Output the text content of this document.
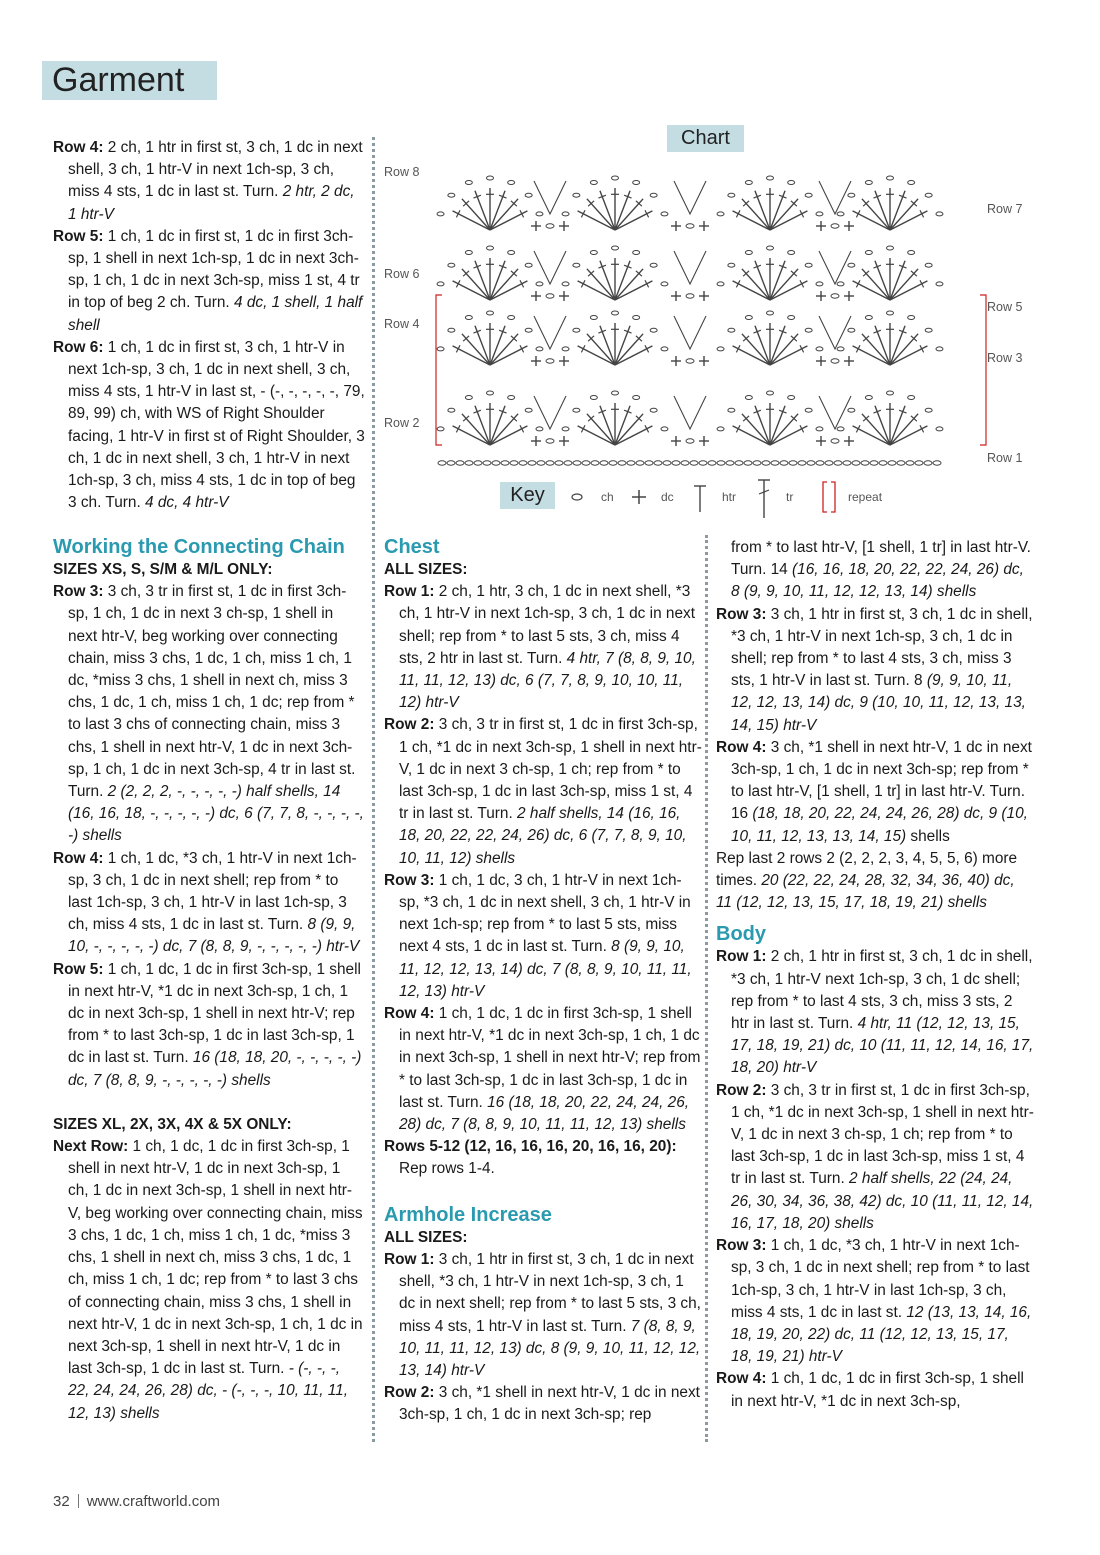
Garment

Row 4: 2 ch, 1 htr in first st, 3 ch, 1 dc in next shell, 3 ch, 1 htr-V in next 1ch-sp, 3 ch, miss 4 sts, 1 dc in last st. Turn. 2 htr, 2 dc, 1 htr-V

Row 5: 1 ch, 1 dc in first st, 1 dc in first 3ch-sp, 1 shell in next 1ch-sp, 1 dc in next 3ch-sp, 1 ch, 1 dc in next 3ch-sp, miss 1 st, 4 tr in top of beg 2 ch. Turn. 4 dc, 1 shell, 1 half shell

Row 6: 1 ch, 1 dc in first st, 3 ch, 1 htr-V in next 1ch-sp, 3 ch, 1 dc in next shell, 3 ch, miss 4 sts, 1 htr-V in last st, - (-, -, -, -, -, 79, 89, 99) ch, with WS of Right Shoulder facing, 1 htr-V in first st of Right Shoulder, 3 ch, 1 dc in next shell, 3 ch, 1 htr-V in next 1ch-sp, 3 ch, miss 4 sts, 1 dc in top of beg 3 ch. Turn. 4 dc, 4 htr-V

Working the Connecting Chain

SIZES XS, S, S/M & M/L ONLY:

Row 3: 3 ch, 3 tr in first st, 1 dc in first 3ch-sp, 1 ch, 1 dc in next 3 ch-sp, 1 shell in next htr-V, beg working over connecting chain, miss 3 chs, 1 dc, 1 ch, miss 1 ch, 1 dc, *miss 3 chs, 1 shell in next ch, miss 3 chs, 1 dc, 1 ch, miss 1 ch, 1 dc; rep from * to last 3 chs of connecting chain, miss 3 chs, 1 shell in next htr-V, 1 dc in next 3ch-sp, 1 ch, 1 dc in next 3ch-sp, 4 tr in last st. Turn. 2 (2, 2, 2, -, -, -, -, -) half shells, 14 (16, 16, 18, -, -, -, -, -) dc, 6 (7, 7, 8, -, -, -, -, -) shells

Row 4: 1 ch, 1 dc, *3 ch, 1 htr-V in next 1ch-sp, 3 ch, 1 dc in next shell; rep from * to last 1ch-sp, 3 ch, 1 htr-V in last 1ch-sp, 3 ch, miss 4 sts, 1 dc in last st. Turn. 8 (9, 9, 10, -, -, -, -, -) dc, 7 (8, 8, 9, -, -, -, -, -) htr-V

Row 5: 1 ch, 1 dc, 1 dc in first 3ch-sp, 1 shell in next htr-V, *1 dc in next 3ch-sp, 1 ch, 1 dc in next 3ch-sp, 1 shell in next htr-V; rep from * to last 3ch-sp, 1 dc in last 3ch-sp, 1 dc in last st. Turn. 16 (18, 18, 20, -, -, -, -, -) dc, 7 (8, 8, 9, -, -, -, -, -) shells

SIZES XL, 2X, 3X, 4X & 5X ONLY:

Next Row: 1 ch, 1 dc, 1 dc in first 3ch-sp, 1 shell in next htr-V, 1 dc in next 3ch-sp, 1 ch, 1 dc in next 3ch-sp, 1 shell in next htr-V, beg working over connecting chain, miss 3 chs, 1 dc, 1 ch, miss 1 ch, 1 dc, *miss 3 chs, 1 shell in next ch, miss 3 chs, 1 dc, 1 ch, miss 1 ch, 1 dc; rep from * to last 3 chs of connecting chain, miss 3 chs, 1 shell in next htr-V, 1 dc in next 3ch-sp, 1 ch, 1 dc in next 3ch-sp, 1 shell in next htr-V, 1 dc in last 3ch-sp, 1 dc in last st. Turn. - (-, -, -, 22, 24, 24, 26, 28) dc, - (-, -, -, 10, 11, 11, 12, 13) shells

Chest

ALL SIZES:

Row 1: 2 ch, 1 htr, 3 ch, 1 dc in next shell, *3 ch, 1 htr-V in next 1ch-sp, 3 ch, 1 dc in next shell; rep from * to last 5 sts, 3 ch, miss 4 sts, 2 htr in last st. Turn. 4 htr, 7 (8, 8, 9, 10, 11, 11, 12, 13) dc, 6 (7, 7, 8, 9, 10, 10, 11, 12) htr-V

Row 2: 3 ch, 3 tr in first st, 1 dc in first 3ch-sp, 1 ch, *1 dc in next 3ch-sp, 1 shell in next htr-V, 1 dc in next 3 ch-sp, 1 ch; rep from * to last 3ch-sp, 1 dc in last 3ch-sp, miss 1 st, 4 tr in last st. Turn. 2 half shells, 14 (16, 16, 18, 20, 22, 22, 24, 26) dc, 6 (7, 7, 8, 9, 10, 10, 11, 12) shells

Row 3: 1 ch, 1 dc, 3 ch, 1 htr-V in next 1ch-sp, *3 ch, 1 dc in next shell, 3 ch, 1 htr-V in next 1ch-sp; rep from * to last 5 sts, miss next 4 sts, 1 dc in last st. Turn. 8 (9, 9, 10, 11, 12, 12, 13, 14) dc, 7 (8, 8, 9, 10, 11, 11, 12, 13) htr-V

Row 4: 1 ch, 1 dc, 1 dc in first 3ch-sp, 1 shell in next htr-V, *1 dc in next 3ch-sp, 1 ch, 1 dc in next 3ch-sp, 1 shell in next htr-V; rep from * to last 3ch-sp, 1 dc in last 3ch-sp, 1 dc in last st. Turn. 16 (18, 18, 20, 22, 24, 24, 26, 28) dc, 7 (8, 8, 9, 10, 11, 11, 12, 13) shells

Rows 5-12 (12, 16, 16, 16, 20, 16, 16, 20): Rep rows 1-4.

Armhole Increase

ALL SIZES:

Row 1: 3 ch, 1 htr in first st, 3 ch, 1 dc in next shell, *3 ch, 1 htr-V in next 1ch-sp, 3 ch, 1 dc in next shell; rep from * to last 5 sts, 3 ch, miss 4 sts, 1 htr-V in last st. Turn. 7 (8, 8, 9, 10, 11, 11, 12, 13) dc, 8 (9, 9, 10, 11, 12, 12, 13, 14) htr-V

Row 2: 3 ch, *1 shell in next htr-V, 1 dc in next 3ch-sp, 1 ch, 1 dc in next 3ch-sp; rep

from * to last htr-V, [1 shell, 1 tr] in last htr-V. Turn. 14 (16, 16, 18, 20, 22, 22, 24, 26) dc, 8 (9, 9, 10, 11, 12, 12, 13, 14) shells

Row 3: 3 ch, 1 htr in first st, 3 ch, 1 dc in shell, *3 ch, 1 htr-V in next 1ch-sp, 3 ch, 1 dc in shell; rep from * to last 4 sts, 3 ch, miss 3 sts, 1 htr-V in last st. Turn. 8 (9, 9, 10, 11, 12, 12, 13, 14) dc, 9 (10, 10, 11, 12, 13, 13, 14, 15) htr-V

Row 4: 3 ch, *1 shell in next htr-V, 1 dc in next 3ch-sp, 1 ch, 1 dc in next 3ch-sp; rep from * to last htr-V, [1 shell, 1 tr] in last htr-V. Turn. 16 (18, 18, 20, 22, 24, 24, 26, 28) dc, 9 (10, 10, 11, 12, 13, 13, 14, 15) shells

Rep last 2 rows 2 (2, 2, 2, 3, 4, 5, 5, 6) more times. 20 (22, 22, 24, 28, 32, 34, 36, 40) dc, 11 (12, 12, 13, 15, 17, 18, 19, 21) shells

Body

Row 1: 2 ch, 1 htr in first st, 3 ch, 1 dc in shell, *3 ch, 1 htr-V next 1ch-sp, 3 ch, 1 dc shell; rep from * to last 4 sts, 3 ch, miss 3 sts, 2 htr in last st. Turn. 4 htr, 11 (12, 12, 13, 15, 17, 18, 19, 21) dc, 10 (11, 11, 12, 14, 16, 17, 18, 20) htr-V

Row 2: 3 ch, 3 tr in first st, 1 dc in first 3ch-sp, 1 ch, *1 dc in next 3ch-sp, 1 shell in next htr-V, 1 dc in next 3 ch-sp, 1 ch; rep from * to last 3ch-sp, 1 dc in last 3ch-sp, miss 1 st, 4 tr in last st. Turn. 2 half shells, 22 (24, 24, 26, 30, 34, 36, 38, 42) dc, 10 (11, 11, 12, 14, 16, 17, 18, 20) shells

Row 3: 1 ch, 1 dc, *3 ch, 1 htr-V in next 1ch-sp, 3 ch, 1 dc in next shell; rep from * to last 1ch-sp, 3 ch, 1 htr-V in last 1ch-sp, 3 ch, miss 4 sts, 1 dc in last st. 12 (13, 13, 14, 16, 18, 19, 20, 22) dc, 11 (12, 12, 13, 15, 17, 18, 19, 21) htr-V

Row 4: 1 ch, 1 dc, 1 dc in first 3ch-sp, 1 shell in next htr-V, *1 dc in next 3ch-sp,

Chart
Row 8
Row 6
Row 4
Row 2
Row 7
Row 5
Row 3
Row 1
Key	ch	dc	htr	tr	repeat
32 www.craftworld.com
